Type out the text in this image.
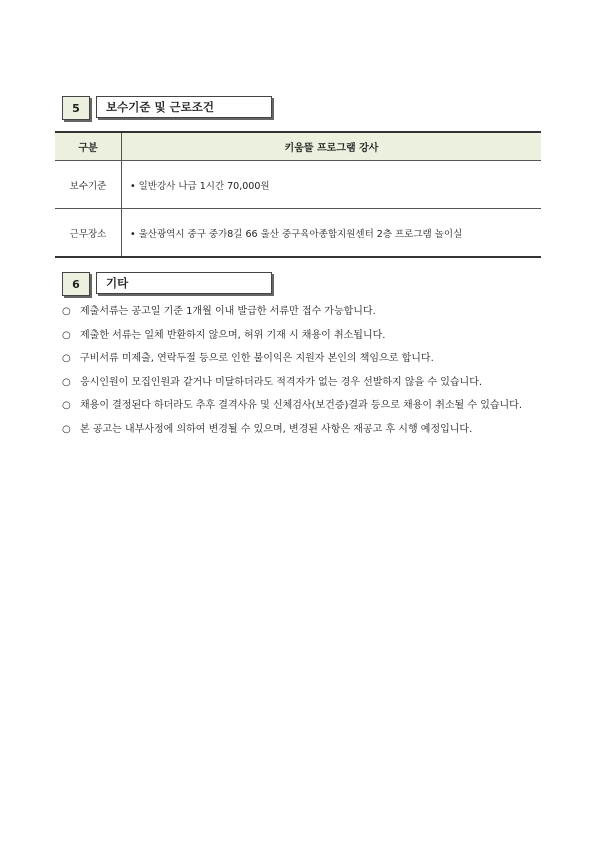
5	보수기준 및 근로조건
구분	키움뜰 프로그램 강사
보수기준	• 일반강사 나급 1시간 70,000원
근무장소	• 울산광역시 중구 중가8길 66 울산 중구육아종합지원센터 2층 프로그램 놀이실
6	기타
○ 제출서류는 공고일 기준 1개월 이내 발급한 서류만 접수 가능합니다.
○ 제출한 서류는 일체 반환하지 않으며, 허위 기재 시 채용이 취소됩니다.
○ 구비서류 미제출, 연락두절 등으로 인한 불이익은 지원자 본인의 책임으로 합니다.
○ 응시인원이 모집인원과 같거나 미달하더라도 적격자가 없는 경우 선발하지 않을 수 있습니다.
○ 채용이 결정된다 하더라도 추후 결격사유 및 신체검사(보건증)결과 등으로 채용이 취소될 수 있습니다.
○ 본 공고는 내부사정에 의하여 변경될 수 있으며, 변경된 사항은 재공고 후 시행 예정입니다.
